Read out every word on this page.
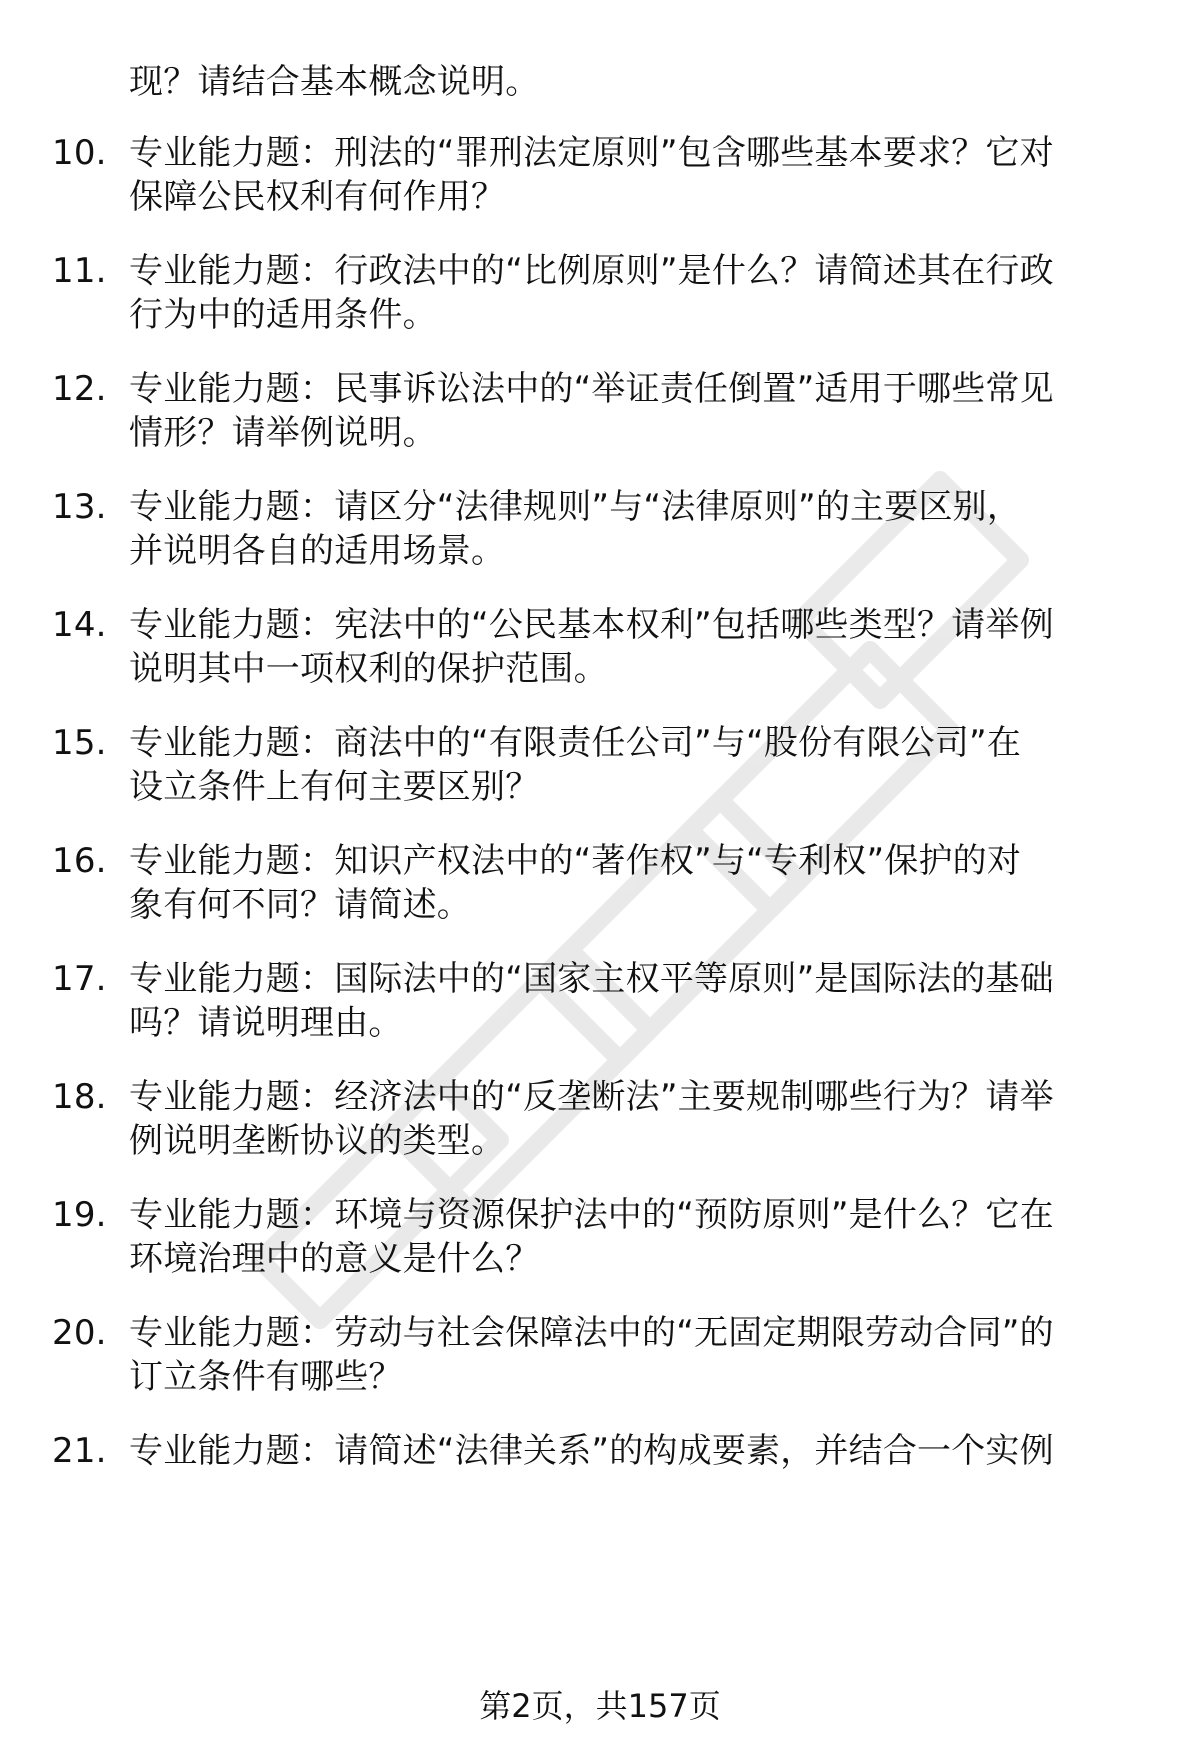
现？请结合基本概念说明。
10. 专业能力题：刑法的“罪刑法定原则”包含哪些基本要求？它对
保障公民权利有何作用？
11. 专业能力题：行政法中的“比例原则”是什么？请简述其在行政
行为中的适用条件。
12. 专业能力题：民事诉讼法中的“举证责任倒置”适用于哪些常见
情形？请举例说明。
13. 专业能力题：请区分“法律规则”与“法律原则”的主要区别，
并说明各自的适用场景。
14. 专业能力题：宪法中的“公民基本权利”包括哪些类型？请举例
说明其中一项权利的保护范围。
15. 专业能力题：商法中的“有限责任公司”与“股份有限公司”在
设立条件上有何主要区别？
16. 专业能力题：知识产权法中的“著作权”与“专利权”保护的对
象有何不同？请简述。
17. 专业能力题：国际法中的“国家主权平等原则”是国际法的基础
吗？请说明理由。
18. 专业能力题：经济法中的“反垄断法”主要规制哪些行为？请举
例说明垄断协议的类型。
19. 专业能力题：环境与资源保护法中的“预防原则”是什么？它在
环境治理中的意义是什么？
20. 专业能力题：劳动与社会保障法中的“无固定期限劳动合同”的
订立条件有哪些？
21. 专业能力题：请简述“法律关系”的构成要素，并结合一个实例
第2页，共157页
